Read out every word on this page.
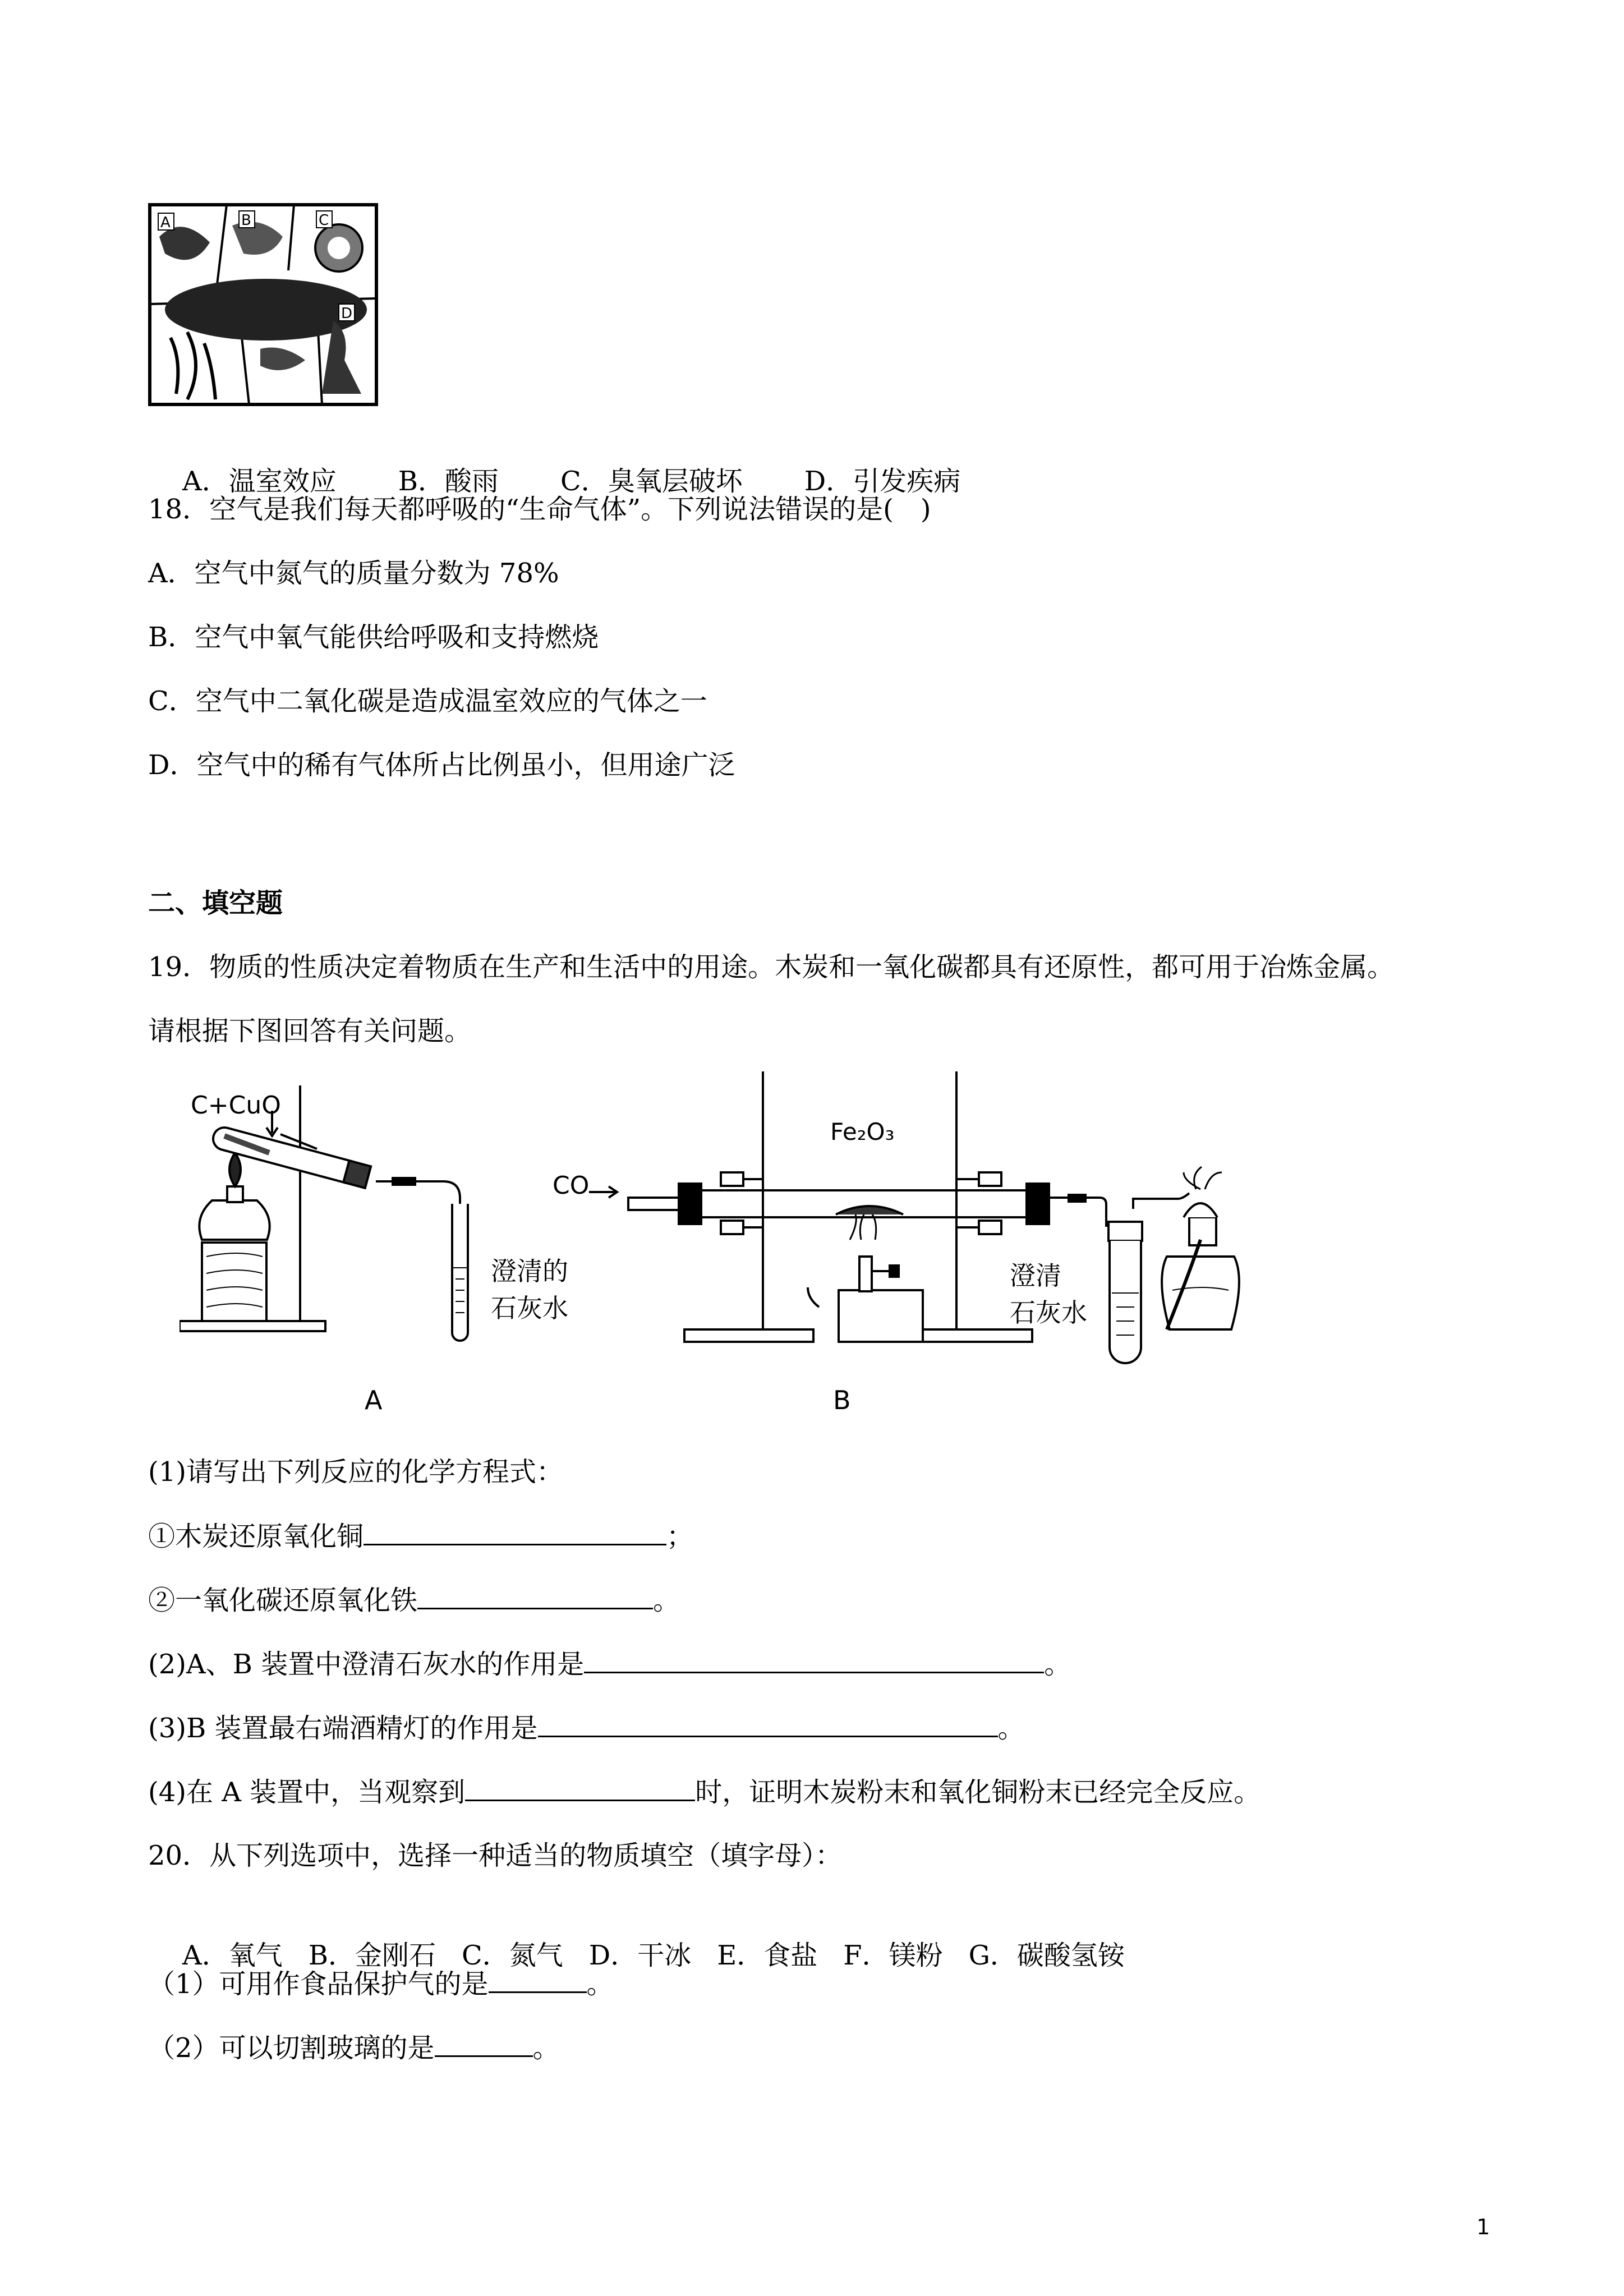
A	B	C
D

A．温室效应 B．酸雨 C．臭氧层破坏 D．引发疾病

18．空气是我们每天都呼吸的“生命气体”。下列说法错误的是(　)
A．空气中氮气的质量分数为 78%
B．空气中氧气能供给呼吸和支持燃烧
C．空气中二氧化碳是造成温室效应的气体之一
D．空气中的稀有气体所占比例虽小，但用途广泛
二、填空题
19．物质的性质决定着物质在生产和生活中的用途。木炭和一氧化碳都具有还原性，都可用于冶炼金属。
请根据下图回答有关问题。
C+CuO
澄清的
石灰水
A
CO
Fe₂O₃
澄清
石灰水
B
(1)请写出下列反应的化学方程式：
①木炭还原氧化铜	；
②一氧化碳还原氧化铁	。
(2)A、B 装置中澄清石灰水的作用是	。
(3)B 装置最右端酒精灯的作用是	。
(4)在 A 装置中，当观察到	时，证明木炭粉末和氧化铜粉末已经完全反应。
20．从下列选项中，选择一种适当的物质填空（填字母）：

A．氧气 B．金刚石 C．氮气 D．干冰 E．食盐 F．镁粉 G．碳酸氢铵

（1）可用作食品保护气的是	。
（2）可以切割玻璃的是	。
1
